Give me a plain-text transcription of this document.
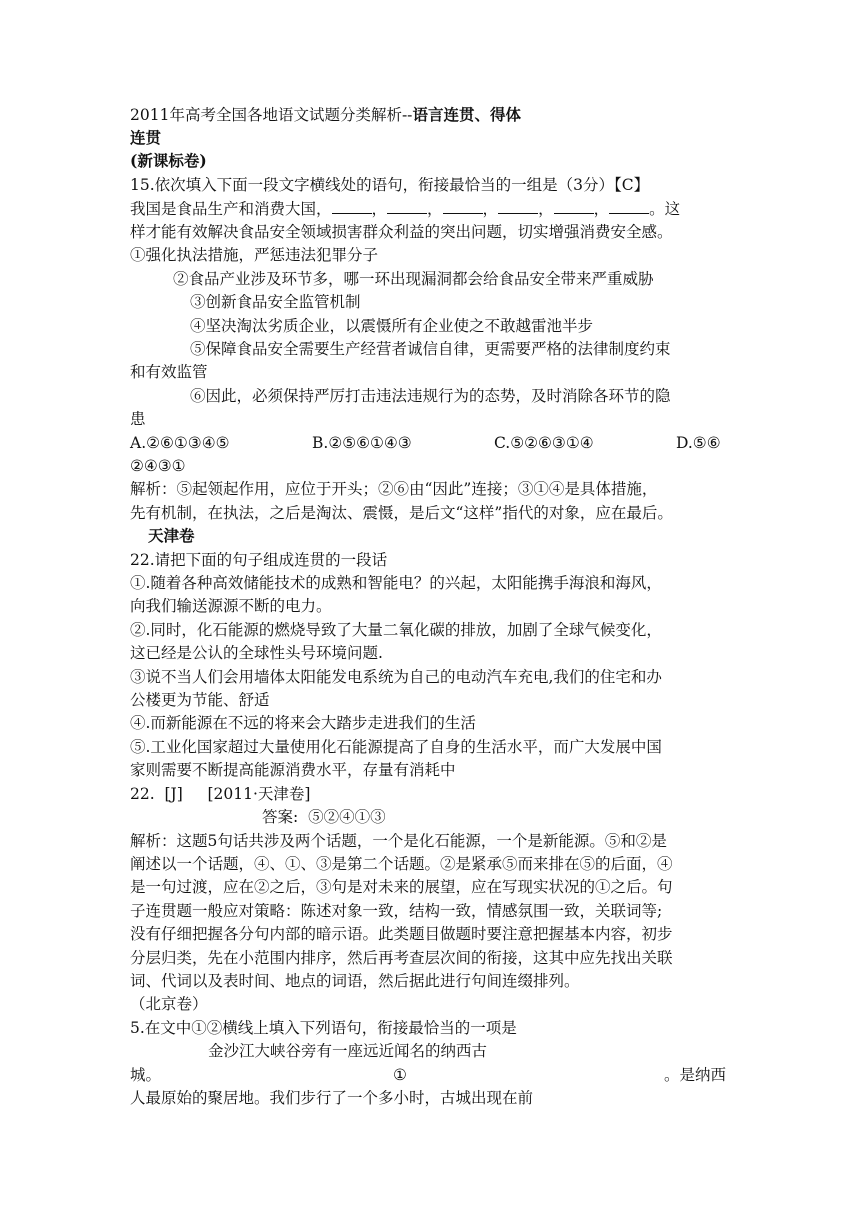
2011年高考全国各地语文试题分类解析--语言连贯、得体
连贯
(新课标卷)
15.依次填入下面一段文字横线处的语句，衔接最恰当的一组是（3分）【C】
我国是食品生产和消费大国，	，	，	，	，	，	。这
样才能有效解决食品安全领域损害群众利益的突出问题，切实增强消费安全感。
①强化执法措施，严惩违法犯罪分子
②食品产业涉及环节多，哪一环出现漏洞都会给食品安全带来严重威胁
③创新食品安全监管机制
④坚决淘汰劣质企业，以震慑所有企业使之不敢越雷池半步
⑤保障食品安全需要生产经营者诚信自律，更需要严格的法律制度约束
和有效监管
⑥因此，必须保持严厉打击违法违规行为的态势，及时消除各环节的隐
患
A.②⑥①③④⑤	B.②⑤⑥①④③	C.⑤②⑥③①④	D.⑤⑥
②④③①
解析：⑤起领起作用，应位于开头；②⑥由“因此”连接；③①④是具体措施，
先有机制，在执法，之后是淘汰、震慑，是后文“这样”指代的对象，应在最后。
天津卷
22.请把下面的句子组成连贯的一段话
①.随着各种高效储能技术的成熟和智能电？的兴起，太阳能携手海浪和海风，
向我们输送源源不断的电力。
②.同时，化石能源的燃烧导致了大量二氧化碳的排放，加剧了全球气候变化，
这已经是公认的全球性头号环境问题.
③说不当人们会用墙体太阳能发电系统为自己的电动汽车充电,我们的住宅和办
公楼更为节能、舒适
④.而新能源在不远的将来会大踏步走进我们的生活
⑤.工业化国家超过大量使用化石能源提高了自身的生活水平，而广大发展中国
家则需要不断提高能源消费水平，存量有消耗中
22.  [J]     [2011·天津卷]
答案:  ⑤②④①③
解析：这题5句话共涉及两个话题，一个是化石能源，一个是新能源。⑤和②是
阐述以一个话题，④、①、③是第二个话题。②是紧承⑤而来排在⑤的后面，④
是一句过渡，应在②之后，③句是对未来的展望，应在写现实状况的①之后。句
子连贯题一般应对策略：陈述对象一致，结构一致，情感氛围一致，关联词等;
没有仔细把握各分句内部的暗示语。此类题目做题时要注意把握基本内容，初步
分层归类，先在小范围内排序，然后再考查层次间的衔接，这其中应先找出关联
词、代词以及表时间、地点的词语，然后据此进行句间连缀排列。
（北京卷）
5.在文中①②横线上填入下列语句，衔接最恰当的一项是
金沙江大峡谷旁有一座远近闻名的纳西古
城。	①	。是纳西
人最原始的聚居地。我们步行了一个多小时，古城出现在前
